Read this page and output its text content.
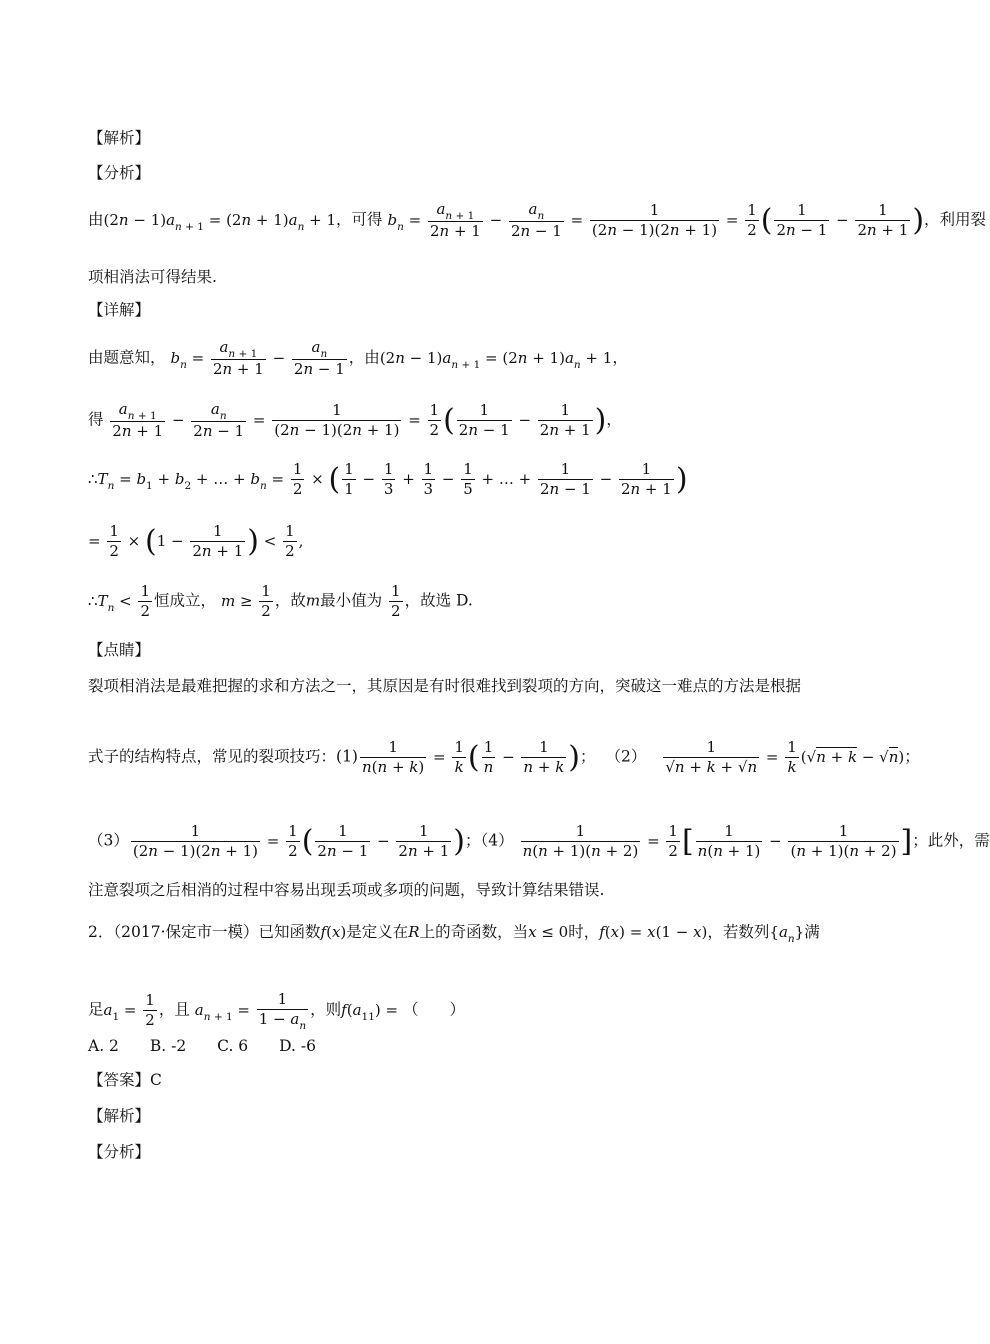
【解析】
【分析】
由$(2n - 1)a_{n + 1} = (2n + 1)a_n + 1$，可得 $b_n = \frac{a_{n + 1}}{2n + 1} - \frac{a_n}{2n - 1} = \frac{1}{(2n - 1)(2n + 1)} = \frac{1}{2}$ ( $\frac{1}{2n - 1} - \frac{1}{2n + 1}$ )，利用裂
项相消法可得结果.
【详解】
由题意知， $b_n = \frac{a_{n + 1}}{2n + 1} - \frac{a_n}{2n - 1}$ ，由$(2n - 1)a_{n + 1} = (2n + 1)a_n + 1$，
得 $\frac{a_{n + 1}}{2n + 1} - \frac{a_n}{2n - 1} = \frac{1}{(2n - 1)(2n + 1)} = \frac{1}{2}$ ( $\frac{1}{2n - 1} - \frac{1}{2n + 1}$ )，
$\therefore T_n = b_1 + b_2$ + … + $b_n = \frac{1}{2}$ × ( $\frac{1}{1} - \frac{1}{3} + \frac{1}{3} - \frac{1}{5}$ + … + $\frac{1}{2n - 1} - \frac{1}{2n + 1}$ )
= $\frac{1}{2} \times (1 - \frac{1}{2n + 1}$ ) < $\frac{1}{2}$ ,
$\therefore T_n < \frac{1}{2}$ 恒成立， $m \ge \frac{1}{2}$ ，故m最小值为 $\frac{1}{2}$ ，故选 D.
【点睛】
裂项相消法是最难把握的求和方法之一，其原因是有时很难找到裂项的方向，突破这一难点的方法是根据
式子的结构特点，常见的裂项技巧：$(1) \frac{1}{n(n + k)} = \frac{1}{k}$ ( $\frac{1}{n} - \frac{1}{n + k}$ )； $(2) \frac{1}{√n + k + √n} = \frac{1}{k} (√n + k - √n)$；
$(3) \frac{1}{(2n - 1)(2n + 1)} = \frac{1}{2}$ ( $\frac{1}{2n - 1} - \frac{1}{2n + 1}$ )；$(4) \frac{1}{n(n + 1)(n + 2)} = \frac{1}{2}$ [ $\frac{1}{n(n + 1)} - \frac{1}{(n + 1)(n + 2)}$ ]；此外，需
注意裂项之后相消的过程中容易出现丢项或多项的问题，导致计算结果错误.
2．（2017·保定市一模）已知函数f(x)是定义在R上的奇函数，当x ≤ 0时，f(x) = x(1 − x)，若数列$\{a_n\}$满
足$a_1 = \frac{1}{2}$ ，且 $a_{n + 1} = \frac{1}{1 - a_n}$ ，则$f(a_{11})$ = （　　）
A. 2 B. -2 C. 6 D. -6
【答案】C
【解析】
【分析】
